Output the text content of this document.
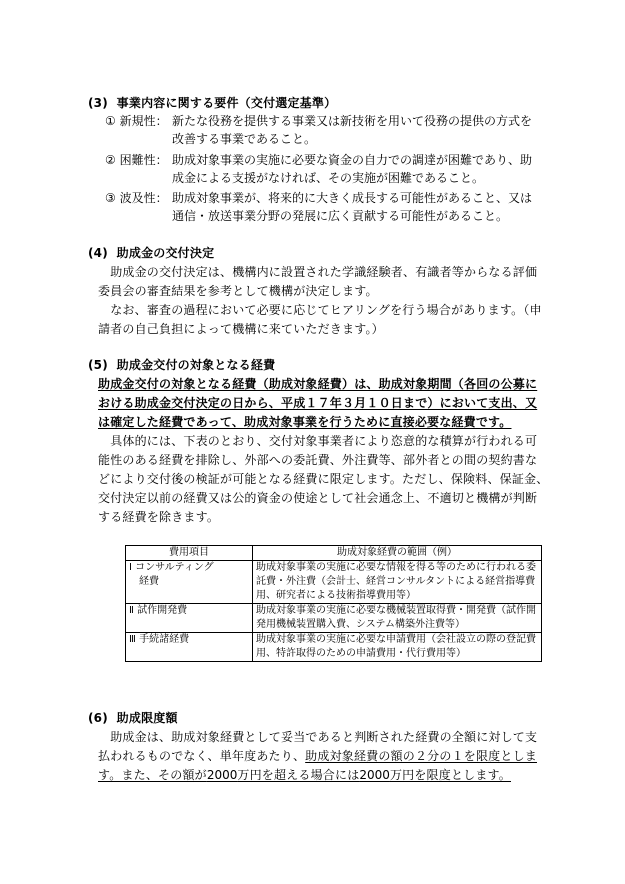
(3)  事業内容に関する要件（交付選定基準）
① 新規性： 新たな役務を提供する事業又は新技術を用いて役務の提供の方式を
改善する事業であること。
② 困難性： 助成対象事業の実施に必要な資金の自力での調達が困難であり、助
成金による支援がなければ、その実施が困難であること。
③ 波及性： 助成対象事業が、将来的に大きく成長する可能性があること、又は
通信・放送事業分野の発展に広く貢献する可能性があること。
(4)  助成金の交付決定
　助成金の交付決定は、機構内に設置された学識経験者、有識者等からなる評価
委員会の審査結果を参考として機構が決定します。
　なお、審査の過程において必要に応じてヒアリングを行う場合があります。（申
請者の自己負担によって機構に来ていただきます。）
(5)  助成金交付の対象となる経費
助成金交付の対象となる経費（助成対象経費）は、助成対象期間（各回の公募に
おける助成金交付決定の日から、平成１７年３月１０日まで）において支出、又
は確定した経費であって、助成対象事業を行うために直接必要な経費です。
　具体的には、下表のとおり、交付対象事業者により恣意的な積算が行われる可
能性のある経費を排除し、外部への委託費、外注費等、部外者との間の契約書な
どにより交付後の検証が可能となる経費に限定します。ただし、保険料、保証金、
交付決定以前の経費又は公的資金の使途として社会通念上、不適切と機構が判断
する経費を除きます。
費用項目	助成対象経費の範囲（例）
Ⅰ コンサルティング
　経費	助成対象事業の実施に必要な情報を得る等のために行われる委託費・外注費（会計士、経営コンサルタントによる経営指導費用、研究者による技術指導費用等）
Ⅱ 試作開発費	助成対象事業の実施に必要な機械装置取得費・開発費（試作開発用機械装置購入費、システム構築外注費等）
Ⅲ 手続諸経費	助成対象事業の実施に必要な申請費用（会社設立の際の登記費用、特許取得のための申請費用・代行費用等）
(6)  助成限度額
　助成金は、助成対象経費として妥当であると判断された経費の全額に対して支
払われるものでなく、単年度あたり、助成対象経費の額の２分の１を限度としま
す。また、その額が2000万円を超える場合には2000万円を限度とします。
